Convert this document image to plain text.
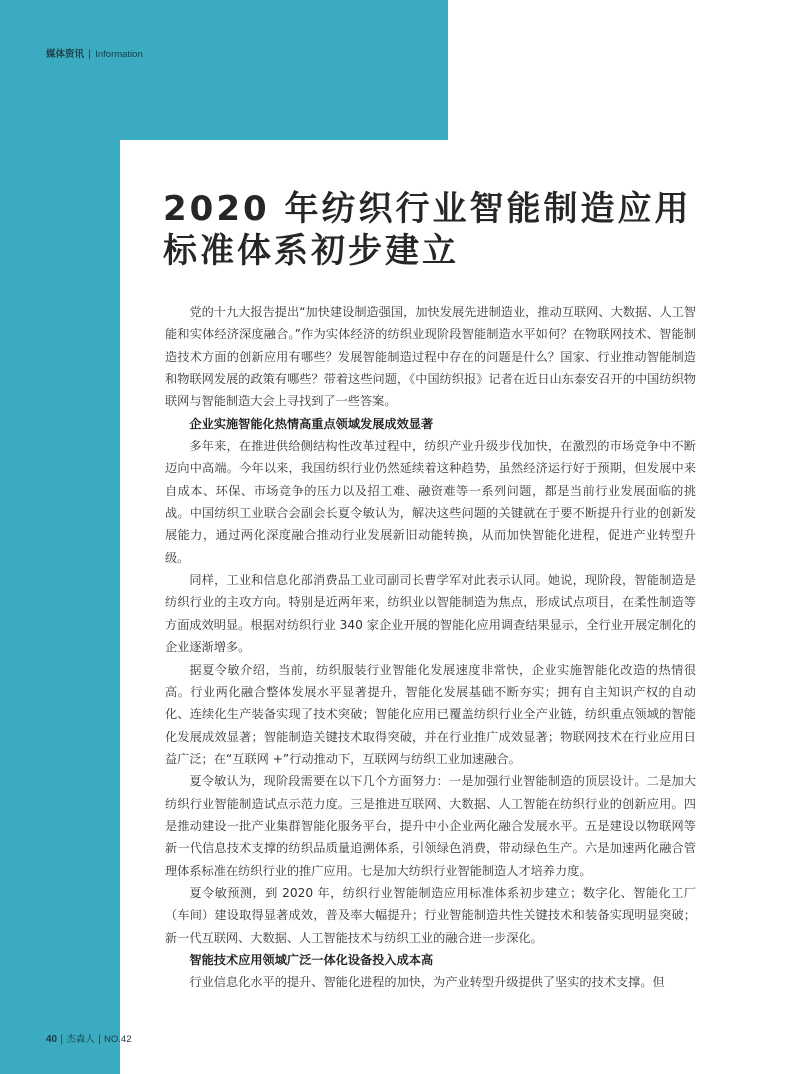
媒体资讯 | Information
2020 年纺织行业智能制造应用
标准体系初步建立

党的十九大报告提出“加快建设制造强国，加快发展先进制造业，推动互联网、大数据、人工智能和实体经济深度融合。”作为实体经济的纺织业现阶段智能制造水平如何？在物联网技术、智能制造技术方面的创新应用有哪些？发展智能制造过程中存在的问题是什么？国家、行业推动智能制造和物联网发展的政策有哪些？带着这些问题，《中国纺织报》记者在近日山东泰安召开的中国纺织物联网与智能制造大会上寻找到了一些答案。

企业实施智能化热情高重点领域发展成效显著

多年来，在推进供给侧结构性改革过程中，纺织产业升级步伐加快，在激烈的市场竞争中不断迈向中高端。今年以来，我国纺织行业仍然延续着这种趋势，虽然经济运行好于预期，但发展中来自成本、环保、市场竞争的压力以及招工难、融资难等一系列问题，都是当前行业发展面临的挑战。中国纺织工业联合会副会长夏令敏认为，解决这些问题的关键就在于要不断提升行业的创新发展能力，通过两化深度融合推动行业发展新旧动能转换，从而加快智能化进程，促进产业转型升级。

同样，工业和信息化部消费品工业司副司长曹学军对此表示认同。她说，现阶段，智能制造是纺织行业的主攻方向。特别是近两年来，纺织业以智能制造为焦点，形成试点项目，在柔性制造等方面成效明显。根据对纺织行业 340 家企业开展的智能化应用调查结果显示，全行业开展定制化的企业逐渐增多。

据夏令敏介绍，当前，纺织服装行业智能化发展速度非常快，企业实施智能化改造的热情很高。行业两化融合整体发展水平显著提升，智能化发展基础不断夯实；拥有自主知识产权的自动化、连续化生产装备实现了技术突破；智能化应用已覆盖纺织行业全产业链，纺织重点领域的智能化发展成效显著；智能制造关键技术取得突破，并在行业推广成效显著；物联网技术在行业应用日益广泛；在“互联网 +”行动推动下，互联网与纺织工业加速融合。

夏令敏认为，现阶段需要在以下几个方面努力：一是加强行业智能制造的顶层设计。二是加大纺织行业智能制造试点示范力度。三是推进互联网、大数据、人工智能在纺织行业的创新应用。四是推动建设一批产业集群智能化服务平台，提升中小企业两化融合发展水平。五是建设以物联网等新一代信息技术支撑的纺织品质量追溯体系，引领绿色消费，带动绿色生产。六是加速两化融合管理体系标准在纺织行业的推广应用。七是加大纺织行业智能制造人才培养力度。

夏令敏预测，到 2020 年，纺织行业智能制造应用标准体系初步建立；数字化、智能化工厂（车间）建设取得显著成效，普及率大幅提升；行业智能制造共性关键技术和装备实现明显突破；新一代互联网、大数据、人工智能技术与纺织工业的融合进一步深化。

智能技术应用领域广泛一体化设备投入成本高

行业信息化水平的提升、智能化进程的加快，为产业转型升级提供了坚实的技术支撑。但

40 | 杰森人 | NO.42
